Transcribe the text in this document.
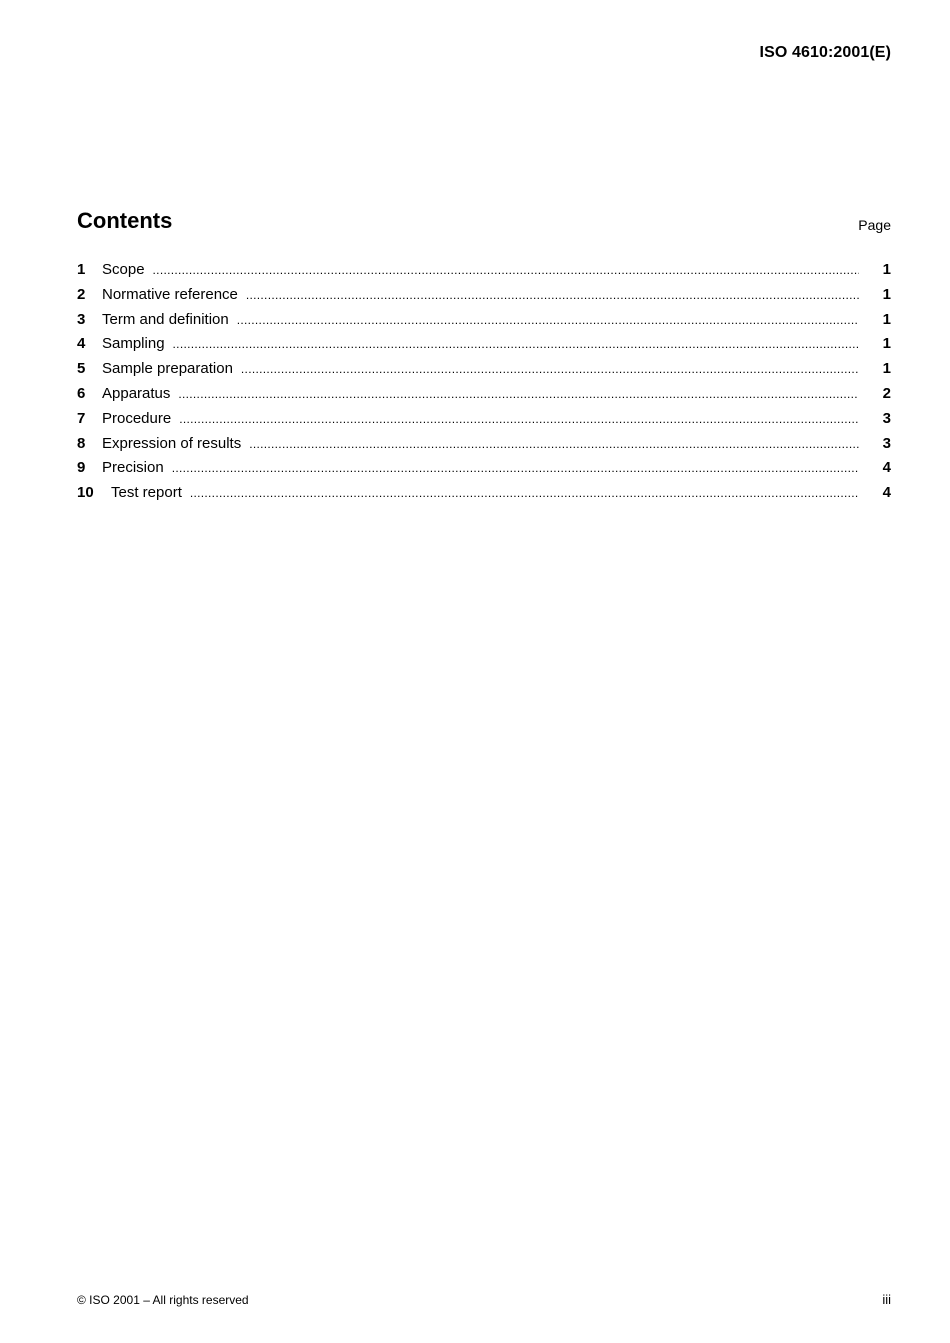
ISO 4610:2001(E)
Contents	Page
1	Scope .....	1
2	Normative reference .....	1
3	Term and definition .....	1
4	Sampling .....	1
5	Sample preparation .....	1
6	Apparatus .....	2
7	Procedure .....	3
8	Expression of results .....	3
9	Precision .....	4
10	Test report .....	4
© ISO 2001 – All rights reserved	iii
